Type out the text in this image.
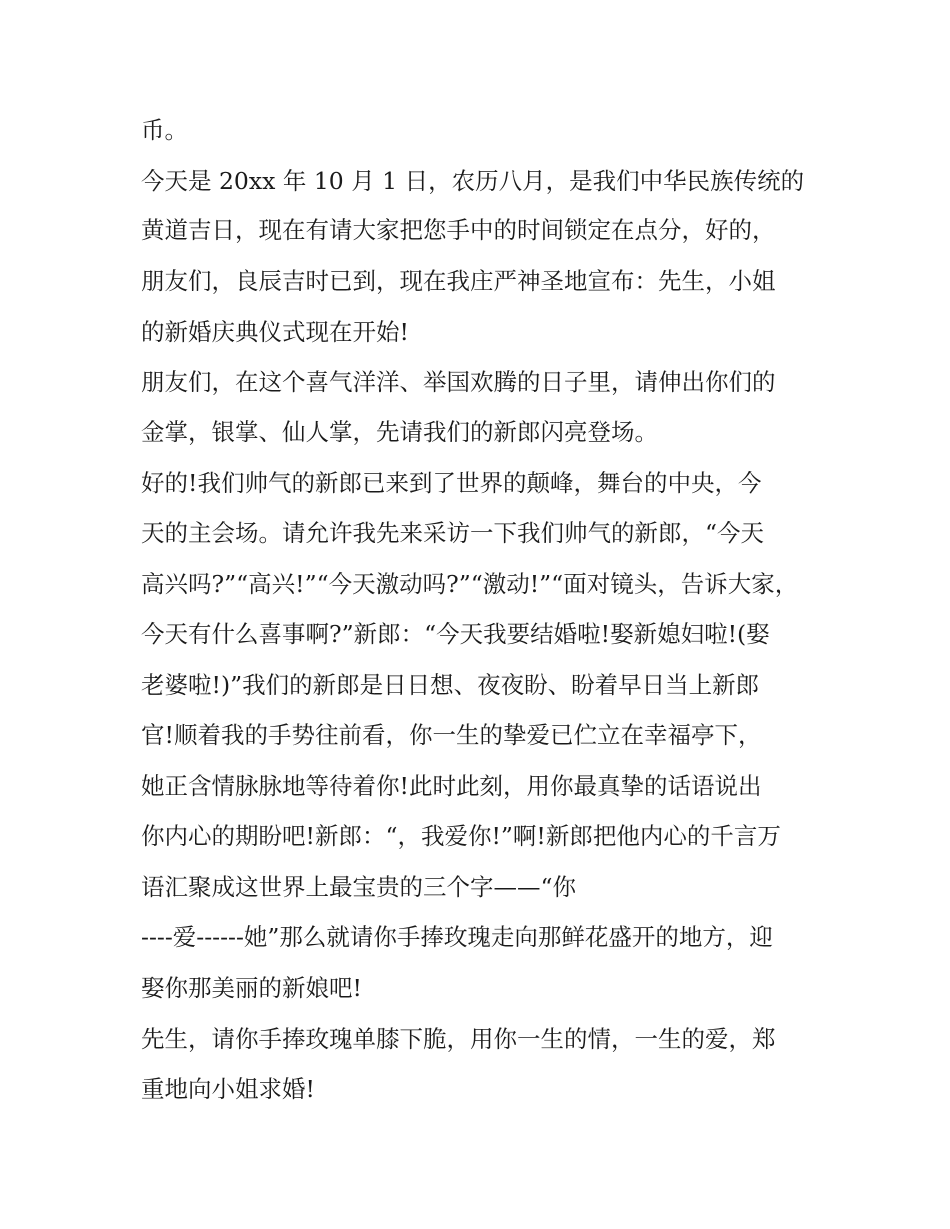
币。
今天是 20xx 年 10 月 1 日，农历八月，是我们中华民族传统的
黄道吉日，现在有请大家把您手中的时间锁定在点分，好的，
朋友们，良辰吉时已到，现在我庄严神圣地宣布：先生，小姐
的新婚庆典仪式现在开始!
朋友们，在这个喜气洋洋、举国欢腾的日子里，请伸出你们的
金掌，银掌、仙人掌，先请我们的新郎闪亮登场。
好的!我们帅气的新郎已来到了世界的颠峰，舞台的中央，今
天的主会场。请允许我先来采访一下我们帅气的新郎，“今天
高兴吗?”“高兴!”“今天激动吗?”“激动!”“面对镜头，告诉大家，
今天有什么喜事啊?”新郎：“今天我要结婚啦!娶新媳妇啦!(娶
老婆啦!)”我们的新郎是日日想、夜夜盼、盼着早日当上新郎
官!顺着我的手势往前看，你一生的挚爱已伫立在幸福亭下，
她正含情脉脉地等待着你!此时此刻，用你最真挚的话语说出
你内心的期盼吧!新郎：“，我爱你!”啊!新郎把他内心的千言万
语汇聚成这世界上最宝贵的三个字——“你
----爱------她”那么就请你手捧玫瑰走向那鲜花盛开的地方，迎
娶你那美丽的新娘吧!
先生，请你手捧玫瑰单膝下脆，用你一生的情，一生的爱，郑
重地向小姐求婚!
